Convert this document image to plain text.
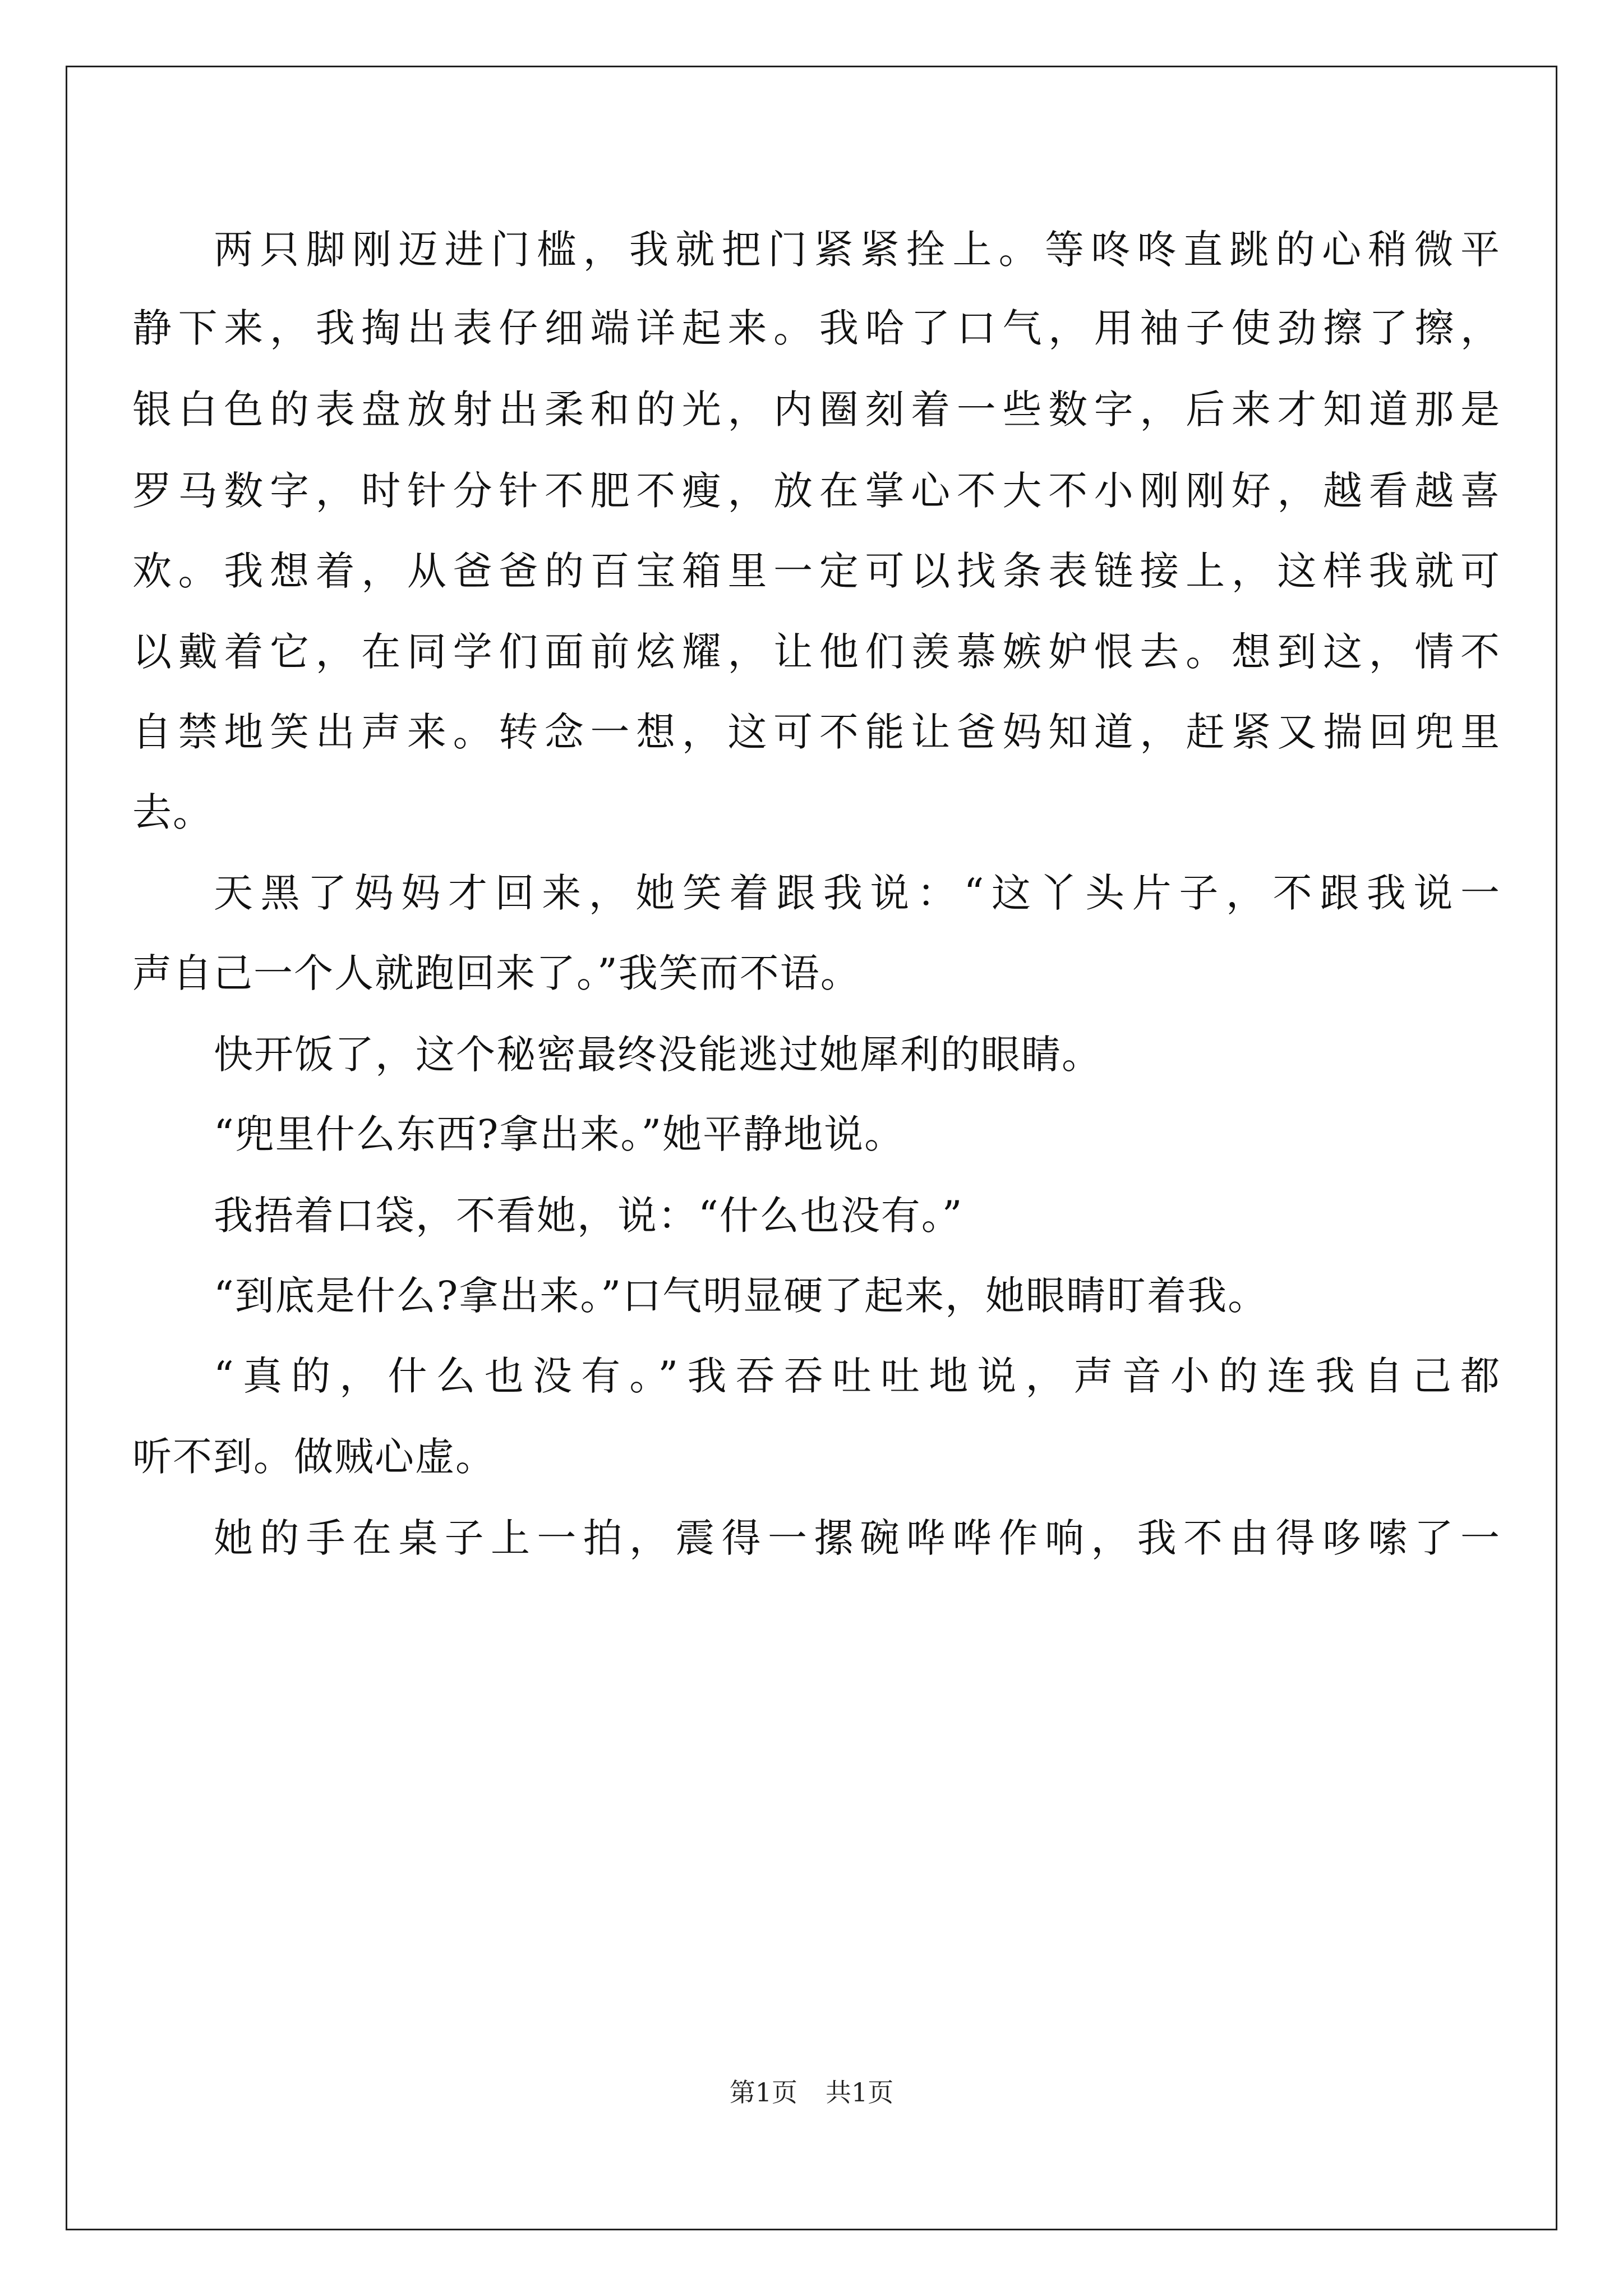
两只脚刚迈进门槛，我就把门紧紧拴上。等咚咚直跳的心稍微平
静下来，我掏出表仔细端详起来。我哈了口气，用袖子使劲擦了擦，
银白色的表盘放射出柔和的光，内圈刻着一些数字，后来才知道那是
罗马数字，时针分针不肥不瘦，放在掌心不大不小刚刚好，越看越喜
欢。我想着，从爸爸的百宝箱里一定可以找条表链接上，这样我就可
以戴着它，在同学们面前炫耀，让他们羡慕嫉妒恨去。想到这，情不
自禁地笑出声来。转念一想，这可不能让爸妈知道，赶紧又揣回兜里
去。
天黑了妈妈才回来，她笑着跟我说：“这丫头片子，不跟我说一
声自己一个人就跑回来了。”我笑而不语。
快开饭了，这个秘密最终没能逃过她犀利的眼睛。
“兜里什么东西?拿出来。”她平静地说。
我捂着口袋，不看她，说：“什么也没有。”
“到底是什么?拿出来。”口气明显硬了起来，她眼睛盯着我。
“真的，什么也没有。”我吞吞吐吐地说，声音小的连我自己都
听不到。做贼心虚。
她的手在桌子上一拍，震得一摞碗哗哗作响，我不由得哆嗦了一
第1页 共1页
